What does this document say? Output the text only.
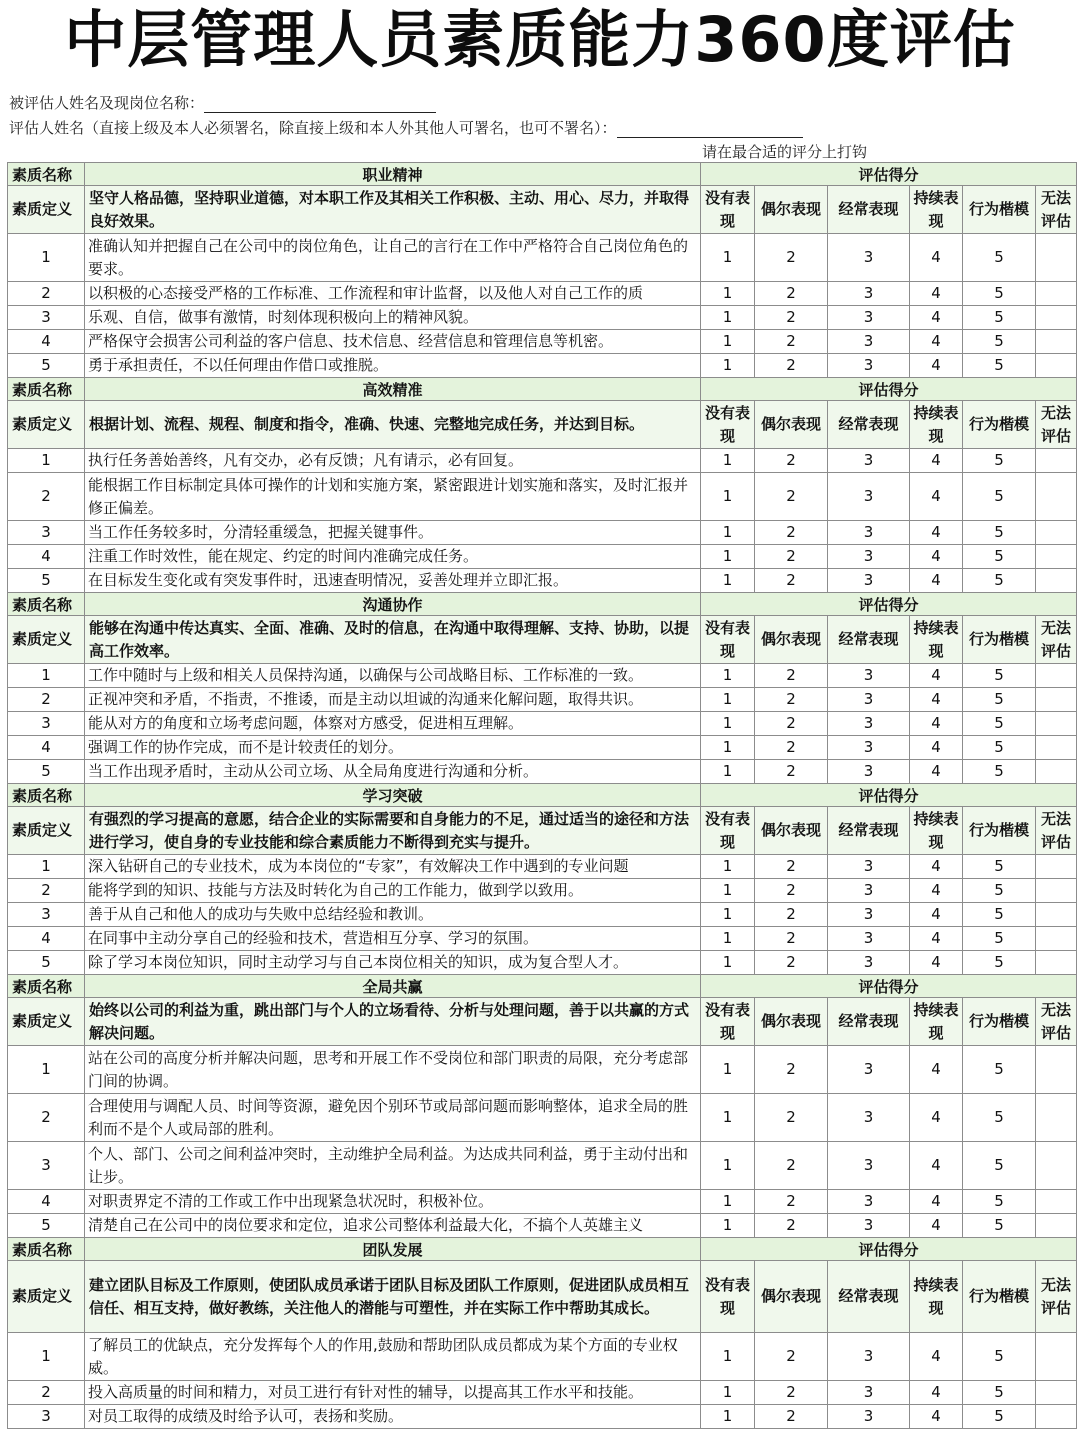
中层管理人员素质能力360度评估
被评估人姓名及现岗位名称：
评估人姓名（直接上级及本人必须署名，除直接上级和本人外其他人可署名，也可不署名）：
请在最合适的评分上打钩
素质名称	职业精神	评估得分					
素质定义	坚守人格品德，坚持职业道德，对本职工作及其相关工作积极、主动、用心、尽力，并取得良好效果。	没有表现	偶尔表现	经常表现	持续表现	行为楷模	无法评估
1	准确认知并把握自己在公司中的岗位角色，让自己的言行在工作中严格符合自己岗位角色的要求。	1	2	3	4	5	
2	以积极的心态接受严格的工作标准、工作流程和审计监督，以及他人对自己工作的质	1	2	3	4	5	
3	乐观、自信，做事有激情，时刻体现积极向上的精神风貌。	1	2	3	4	5	
4	严格保守会损害公司利益的客户信息、技术信息、经营信息和管理信息等机密。	1	2	3	4	5	
5	勇于承担责任，不以任何理由作借口或推脱。	1	2	3	4	5	
素质名称	高效精准	评估得分					
素质定义	根据计划、流程、规程、制度和指令，准确、快速、完整地完成任务，并达到目标。	没有表现	偶尔表现	经常表现	持续表现	行为楷模	无法评估
1	执行任务善始善终，凡有交办，必有反馈；凡有请示，必有回复。	1	2	3	4	5	
2	能根据工作目标制定具体可操作的计划和实施方案，紧密跟进计划实施和落实，及时汇报并修正偏差。	1	2	3	4	5	
3	当工作任务较多时，分清轻重缓急，把握关键事件。	1	2	3	4	5	
4	注重工作时效性，能在规定、约定的时间内准确完成任务。	1	2	3	4	5	
5	在目标发生变化或有突发事件时，迅速查明情况，妥善处理并立即汇报。	1	2	3	4	5	
素质名称	沟通协作	评估得分					
素质定义	能够在沟通中传达真实、全面、准确、及时的信息，在沟通中取得理解、支持、协助，以提高工作效率。	没有表现	偶尔表现	经常表现	持续表现	行为楷模	无法评估
1	工作中随时与上级和相关人员保持沟通，以确保与公司战略目标、工作标准的一致。	1	2	3	4	5	
2	正视冲突和矛盾，不指责，不推诿，而是主动以坦诚的沟通来化解问题，取得共识。	1	2	3	4	5	
3	能从对方的角度和立场考虑问题，体察对方感受，促进相互理解。	1	2	3	4	5	
4	强调工作的协作完成，而不是计较责任的划分。	1	2	3	4	5	
5	当工作出现矛盾时，主动从公司立场、从全局角度进行沟通和分析。	1	2	3	4	5	
素质名称	学习突破	评估得分					
素质定义	有强烈的学习提高的意愿，结合企业的实际需要和自身能力的不足，通过适当的途径和方法进行学习，使自身的专业技能和综合素质能力不断得到充实与提升。	没有表现	偶尔表现	经常表现	持续表现	行为楷模	无法评估
1	深入钻研自己的专业技术，成为本岗位的“专家”，有效解决工作中遇到的专业问题	1	2	3	4	5	
2	能将学到的知识、技能与方法及时转化为自己的工作能力，做到学以致用。	1	2	3	4	5	
3	善于从自己和他人的成功与失败中总结经验和教训。	1	2	3	4	5	
4	在同事中主动分享自己的经验和技术，营造相互分享、学习的氛围。	1	2	3	4	5	
5	除了学习本岗位知识，同时主动学习与自己本岗位相关的知识，成为复合型人才。	1	2	3	4	5	
素质名称	全局共赢	评估得分					
素质定义	始终以公司的利益为重，跳出部门与个人的立场看待、分析与处理问题，善于以共赢的方式解决问题。	没有表现	偶尔表现	经常表现	持续表现	行为楷模	无法评估
1	站在公司的高度分析并解决问题，思考和开展工作不受岗位和部门职责的局限，充分考虑部门间的协调。	1	2	3	4	5	
2	合理使用与调配人员、时间等资源，避免因个别环节或局部问题而影响整体，追求全局的胜利而不是个人或局部的胜利。	1	2	3	4	5	
3	个人、部门、公司之间利益冲突时，主动维护全局利益。为达成共同利益，勇于主动付出和让步。	1	2	3	4	5	
4	对职责界定不清的工作或工作中出现紧急状况时，积极补位。	1	2	3	4	5	
5	清楚自己在公司中的岗位要求和定位，追求公司整体利益最大化，不搞个人英雄主义	1	2	3	4	5	
素质名称	团队发展	评估得分					
素质定义	建立团队目标及工作原则，使团队成员承诺于团队目标及团队工作原则，促进团队成员相互信任、相互支持，做好教练，关注他人的潜能与可塑性，并在实际工作中帮助其成长。	没有表现	偶尔表现	经常表现	持续表现	行为楷模	无法评估
1	了解员工的优缺点，充分发挥每个人的作用,鼓励和帮助团队成员都成为某个方面的专业权威。	1	2	3	4	5	
2	投入高质量的时间和精力，对员工进行有针对性的辅导，以提高其工作水平和技能。	1	2	3	4	5	
3	对员工取得的成绩及时给予认可，表扬和奖励。	1	2	3	4	5	
